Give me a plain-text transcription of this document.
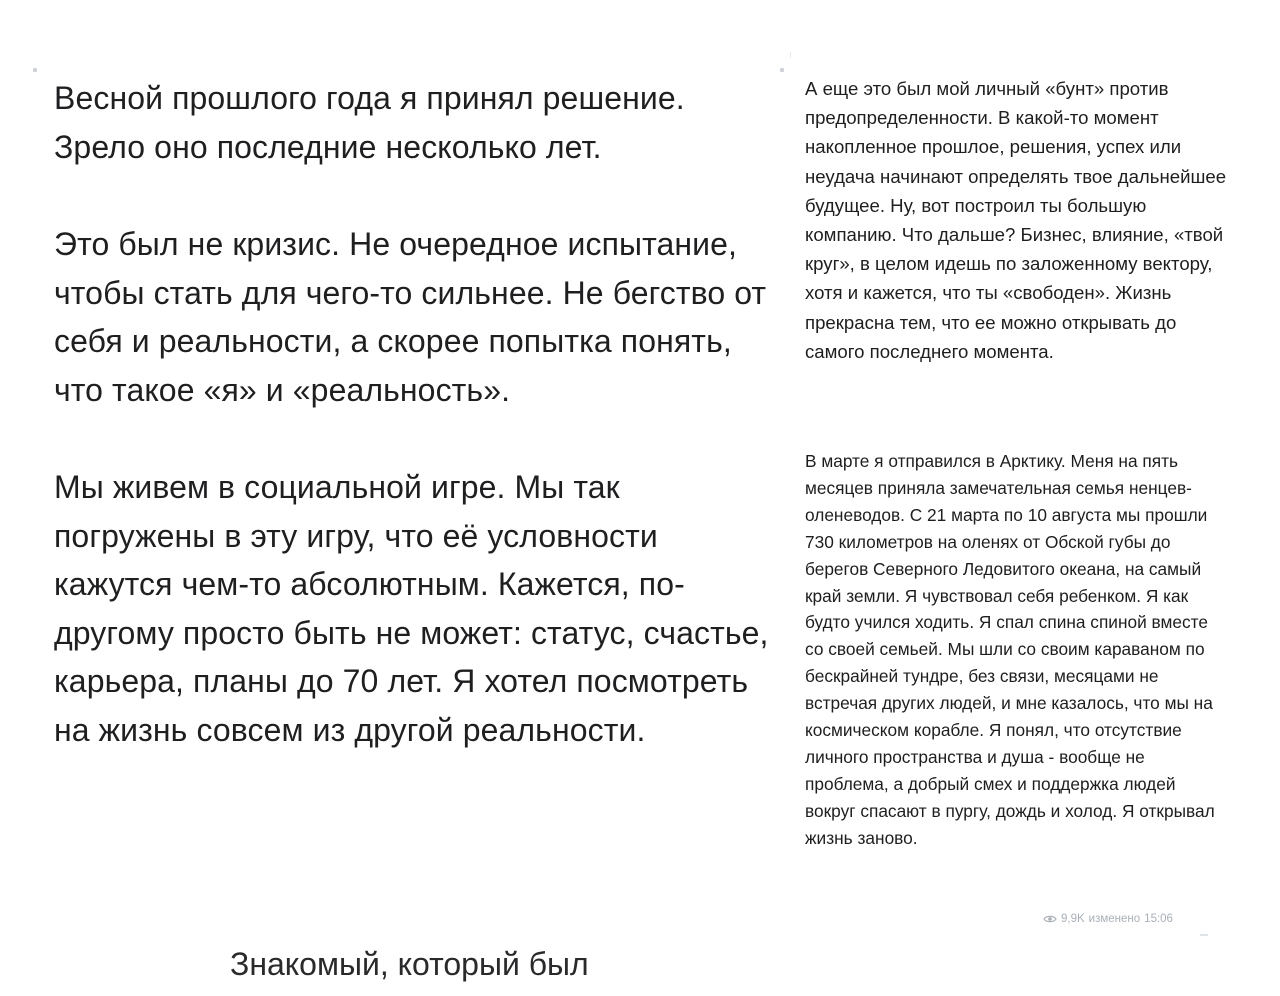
Весной прошлого года я принял решение. Зрело оно последние несколько лет.

Это был не кризис. Не очередное испытание, чтобы стать для чего-то сильнее. Не бегство от себя и реальности, а скорее попытка понять, что такое «я» и «реальность».

Мы живем в социальной игре. Мы так погружены в эту игру, что её условности кажутся чем-то абсолютным. Кажется, по-другому просто быть не может: статус, счастье, карьера, планы до 70 лет. Я хотел посмотреть на жизнь совсем из другой реальности.

Знакомый, который был

А еще это был мой личный «бунт» против предопределенности. В какой-то момент накопленное прошлое, решения, успех или неудача начинают определять твое дальнейшее будущее. Ну, вот построил ты большую компанию. Что дальше? Бизнес, влияние, «твой круг», в целом идешь по заложенному вектору, хотя и кажется, что ты «свободен». Жизнь прекрасна тем, что ее можно открывать до самого последнего момента.

В марте я отправился в Арктику. Меня на пять месяцев приняла замечательная семья ненцев-оленеводов. С 21 марта по 10 августа мы прошли 730 километров на оленях от Обской губы до берегов Северного Ледовитого океана, на самый край земли. Я чувствовал себя ребенком. Я как будто учился ходить. Я спал спина спиной вместе со своей семьей. Мы шли со своим караваном по бескрайней тундре, без связи, месяцами не встречая других людей, и мне казалось, что мы на космическом корабле. Я понял, что отсутствие личного пространства и душа - вообще не проблема, а добрый смех и поддержка людей вокруг спасают в пургу, дождь и холод. Я открывал жизнь заново.

9,9K изменено 15:06
